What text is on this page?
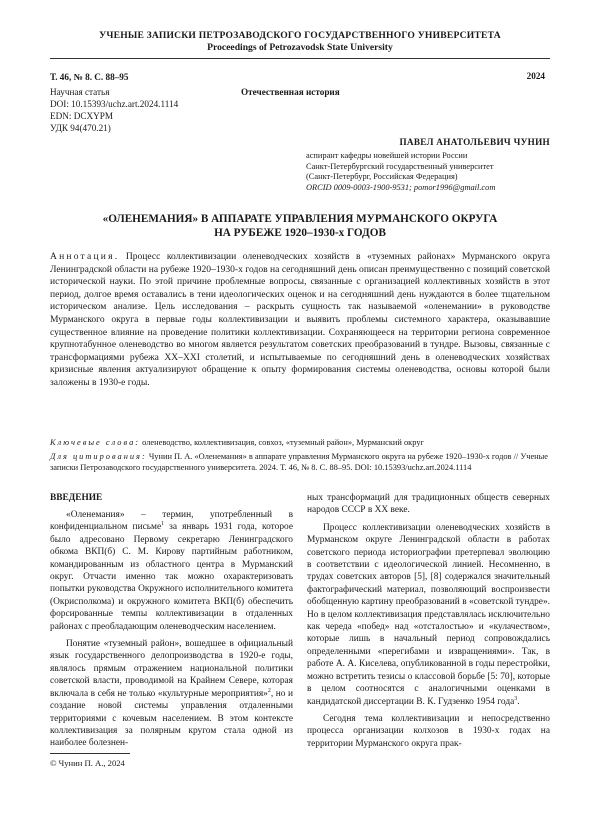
УЧЕНЫЕ ЗАПИСКИ ПЕТРОЗАВОДСКОГО ГОСУДАРСТВЕННОГО УНИВЕРСИТЕТА
Proceedings of Petrozavodsk State University
Т. 46, № 8. С. 88–95	2024
Научная статья	Отечественная история
DOI: 10.15393/uchz.art.2024.1114
EDN: DCXYPM
УДК 94(470.21)
ПАВЕЛ АНАТОЛЬЕВИЧ ЧУНИН
аспирант кафедры новейшей истории России
Санкт-Петербургский государственный университет
(Санкт-Петербург, Российская Федерация)
ORCID 0009-0003-1900-9531; pomor1996@gmail.com
«ОЛЕНЕМАНИЯ» В АППАРАТЕ УПРАВЛЕНИЯ МУРМАНСКОГО ОКРУГА
НА РУБЕЖЕ 1920–1930-х ГОДОВ
Аннотация. Процесс коллективизации оленеводческих хозяйств в «туземных районах» Мурманского округа Ленинградской области на рубеже 1920–1930-х годов на сегодняшний день описан преимущественно с позиций советской исторической науки. По этой причине проблемные вопросы, связанные с организацией коллективных хозяйств в этот период, долгое время оставались в тени идеологических оценок и на сегодняшний день нуждаются в более тщательном историческом анализе. Цель исследования – раскрыть сущность так называемой «оленемании» в руководстве Мурманского округа в первые годы коллективизации и выявить проблемы системного характера, оказывавшие существенное влияние на проведение политики коллективизации. Сохраняющееся на территории региона современное крупнотабунное оленеводство во многом является результатом советских преобразований в тундре. Вызовы, связанные с трансформациями рубежа XX–XXI столетий, и испытываемые по сегодняшний день в оленеводческих хозяйствах кризисные явления актуализируют обращение к опыту формирования системы оленеводства, основы которой были заложены в 1930-е годы.
Ключевые слова: оленеводство, коллективизация, совхоз, «туземный район», Мурманский округ
Для цитирования: Чунин П. А. «Оленемания» в аппарате управления Мурманского округа на рубеже 1920–1930-х годов // Ученые записки Петрозаводского государственного университета. 2024. Т. 46, № 8. С. 88–95. DOI: 10.15393/uchz.art.2024.1114
ВВЕДЕНИЕ

«Оленемания» – термин, употребленный в конфиденциальном письме$^1$ за январь 1931 года, которое было адресовано Первому секретарю Ленинградского обкома ВКП(б) С. М. Кирову партийным работником, командированным из областного центра в Мурманский округ. Отчасти именно так можно охарактеризовать попытки руководства Окружного исполнительного комитета (Окрисполкома) и окружного комитета ВКП(б) обеспечить форсированные темпы коллективизации в отдаленных районах с преобладающим оленеводческим населением.

Понятие «туземный район», вошедшее в официальный язык государственного делопроизводства в 1920-е годы, являлось прямым отражением национальной политики советской власти, проводимой на Крайнем Севере, которая включала в себя не только «культурные мероприятия»$^2$, но и создание новой системы управления отдаленными территориями с кочевым населением. В этом контексте коллективизация за полярным кругом стала одной из наиболее болезнен-

ных трансформаций для традиционных обществ северных народов СССР в XX веке.

Процесс коллективизации оленеводческих хозяйств в Мурманском округе Ленинградской области в работах советского периода историографии претерпевал эволюцию в соответствии с идеологической линией. Несомненно, в трудах советских авторов [5], [8] содержался значительный фактографический материал, позволяющий воспроизвести обобщенную картину преобразований в «советской тундре». Но в целом коллективизация представлялась исключительно как череда «побед» над «отсталостью» и «кулачеством», которые лишь в начальный период сопровождались определенными «перегибами и извращениями». Так, в работе А. А. Киселева, опубликованной в годы перестройки, можно встретить тезисы о классовой борьбе [5: 70], которые в целом соотносятся с аналогичными оценками в кандидатской диссертации В. К. Гудзенко 1954 года$^3$.

Сегодня тема коллективизации и непосредственно процесса организации колхозов в 1930-х годах на территории Мурманского округа прак-

© Чунин П. А., 2024
